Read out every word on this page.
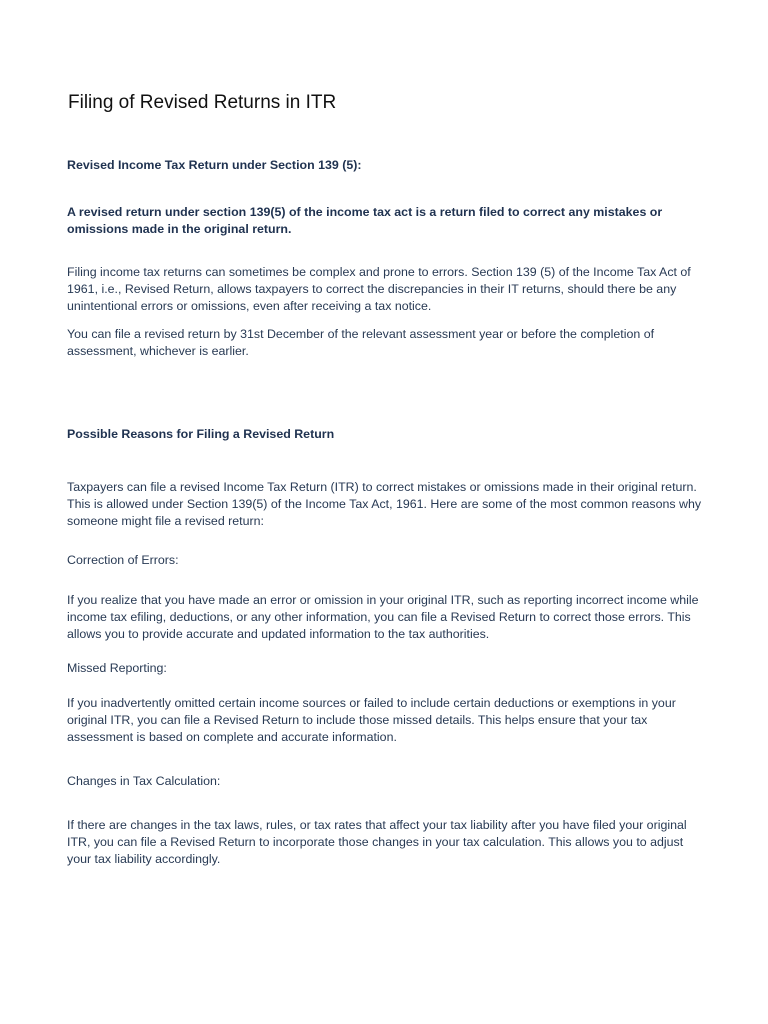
Filing of Revised Returns in ITR

Revised Income Tax Return under Section 139 (5):

A revised return under section 139(5) of the income tax act is a return filed to correct any mistakes or omissions made in the original return.

Filing income tax returns can sometimes be complex and prone to errors. Section 139 (5) of the Income Tax Act of 1961, i.e., Revised Return, allows taxpayers to correct the discrepancies in their IT returns, should there be any unintentional errors or omissions, even after receiving a tax notice.

You can file a revised return by 31st December of the relevant assessment year or before the completion of assessment, whichever is earlier.

Possible Reasons for Filing a Revised Return

Taxpayers can file a revised Income Tax Return (ITR) to correct mistakes or omissions made in their original return. This is allowed under Section 139(5) of the Income Tax Act, 1961. Here are some of the most common reasons why someone might file a revised return:

Correction of Errors:

If you realize that you have made an error or omission in your original ITR, such as reporting incorrect income while income tax efiling, deductions, or any other information, you can file a Revised Return to correct those errors. This allows you to provide accurate and updated information to the tax authorities.

Missed Reporting:

If you inadvertently omitted certain income sources or failed to include certain deductions or exemptions in your original ITR, you can file a Revised Return to include those missed details. This helps ensure that your tax assessment is based on complete and accurate information.

Changes in Tax Calculation:

If there are changes in the tax laws, rules, or tax rates that affect your tax liability after you have filed your original ITR, you can file a Revised Return to incorporate those changes in your tax calculation. This allows you to adjust your tax liability accordingly.
